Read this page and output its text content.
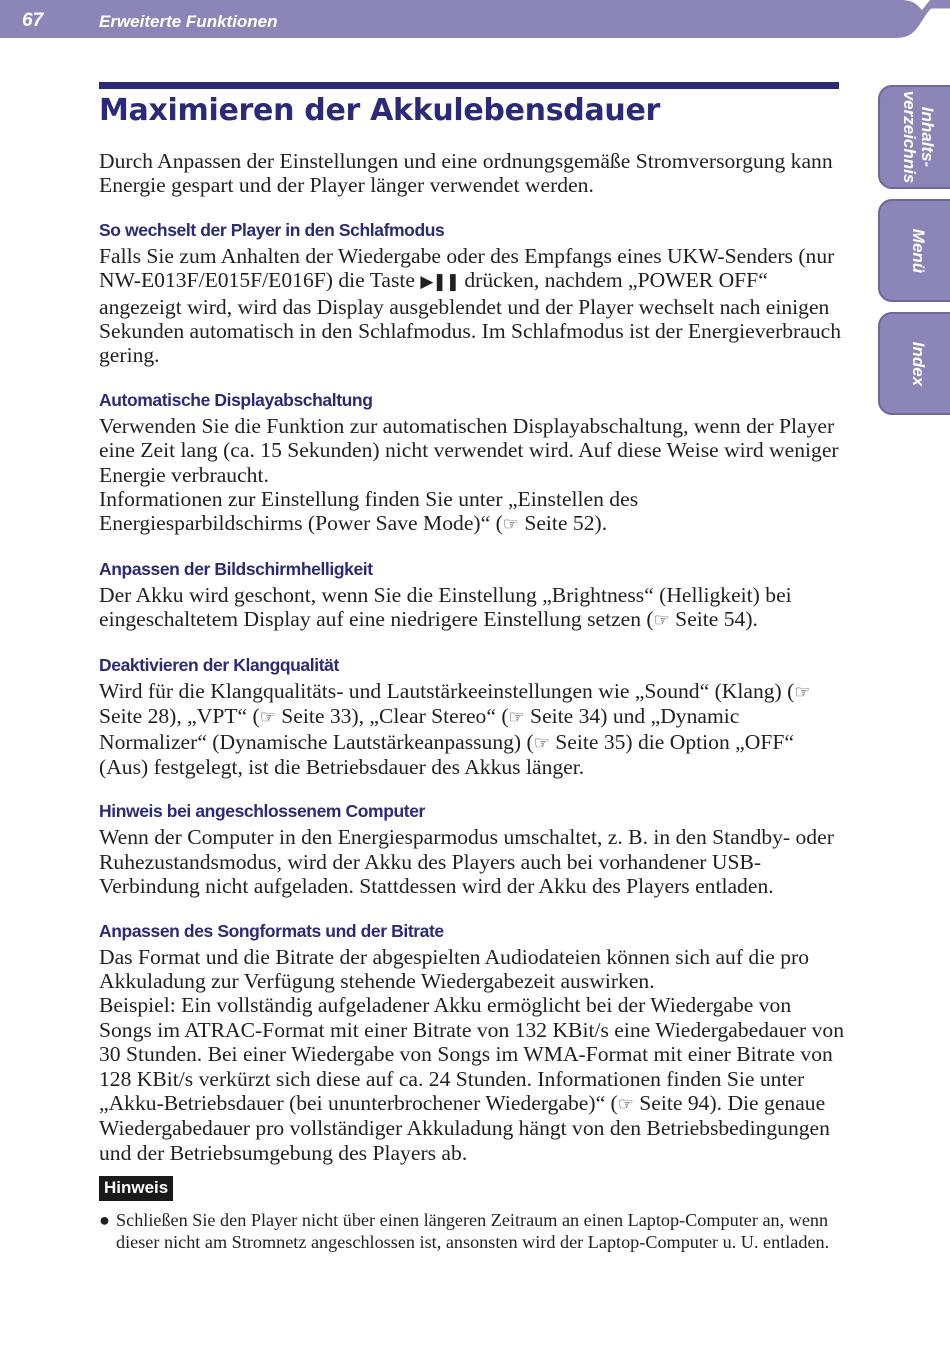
67	Erweiterte Funktionen
Inhalts-
verzeichnis
Menü
Index
Maximieren der Akkulebensdauer

Durch Anpassen der Einstellungen und eine ordnungsgemäße Stromversorgung kann Energie gespart und der Player länger verwendet werden.

So wechselt der Player in den Schlafmodus

Falls Sie zum Anhalten der Wiedergabe oder des Empfangs eines UKW-Senders (nur NW-E013F/E015F/E016F) die Taste ▶❚❚ drücken, nachdem „POWER OFF“ angezeigt wird, wird das Display ausgeblendet und der Player wechselt nach einigen Sekunden automatisch in den Schlafmodus. Im Schlafmodus ist der Energieverbrauch gering.

Automatische Displayabschaltung

Verwenden Sie die Funktion zur automatischen Displayabschaltung, wenn der Player eine Zeit lang (ca. 15 Sekunden) nicht verwendet wird. Auf diese Weise wird weniger Energie verbraucht.

Informationen zur Einstellung finden Sie unter „Einstellen des Energiesparbildschirms (Power Save Mode)“ (☞ Seite 52).

Anpassen der Bildschirmhelligkeit

Der Akku wird geschont, wenn Sie die Einstellung „Brightness“ (Helligkeit) bei eingeschaltetem Display auf eine niedrigere Einstellung setzen (☞ Seite 54).

Deaktivieren der Klangqualität

Wird für die Klangqualitäts- und Lautstärkeeinstellungen wie „Sound“ (Klang) (☞ Seite 28), „VPT“ (☞ Seite 33), „Clear Stereo“ (☞ Seite 34) und „Dynamic Normalizer“ (Dynamische Lautstärkeanpassung) (☞ Seite 35) die Option „OFF“ (Aus) festgelegt, ist die Betriebsdauer des Akkus länger.

Hinweis bei angeschlossenem Computer

Wenn der Computer in den Energiesparmodus umschaltet, z. B. in den Standby- oder Ruhezustandsmodus, wird der Akku des Players auch bei vorhandener USB-Verbindung nicht aufgeladen. Stattdessen wird der Akku des Players entladen.

Anpassen des Songformats und der Bitrate

Das Format und die Bitrate der abgespielten Audiodateien können sich auf die pro Akkuladung zur Verfügung stehende Wiedergabezeit auswirken.

Beispiel: Ein vollständig aufgeladener Akku ermöglicht bei der Wiedergabe von Songs im ATRAC-Format mit einer Bitrate von 132 KBit/s eine Wiedergabedauer von 30 Stunden. Bei einer Wiedergabe von Songs im WMA-Format mit einer Bitrate von 128 KBit/s verkürzt sich diese auf ca. 24 Stunden. Informationen finden Sie unter „Akku-Betriebsdauer (bei ununterbrochener Wiedergabe)“ (☞ Seite 94). Die genaue Wiedergabedauer pro vollständiger Akkuladung hängt von den Betriebsbedingungen und der Betriebsumgebung des Players ab.

Hinweis
● Schließen Sie den Player nicht über einen längeren Zeitraum an einen Laptop-Computer an, wenn dieser nicht am Stromnetz angeschlossen ist, ansonsten wird der Laptop-Computer u. U. entladen.
